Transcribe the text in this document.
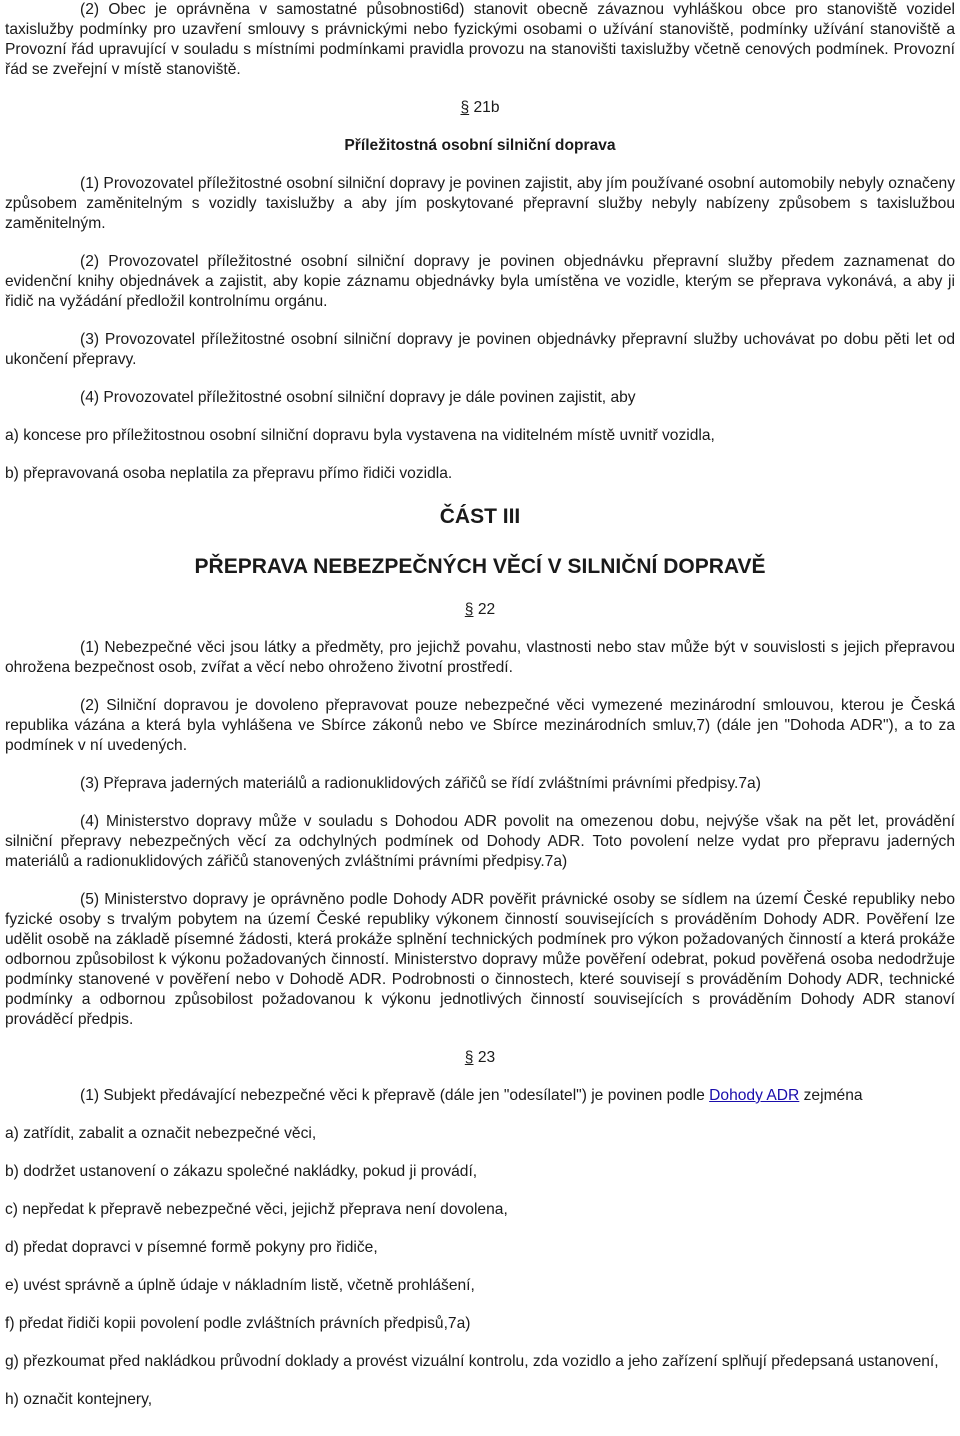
(2) Obec je oprávněna v samostatné působnosti6d) stanovit obecně závaznou vyhláškou obce pro stanoviště vozidel taxislužby podmínky pro uzavření smlouvy s právnickými nebo fyzickými osobami o užívání stanoviště, podmínky užívání stanoviště a Provozní řád upravující v souladu s místními podmínkami pravidla provozu na stanovišti taxislužby včetně cenových podmínek. Provozní řád se zveřejní v místě stanoviště.

§ 21b

Příležitostná osobní silniční doprava

(1) Provozovatel příležitostné osobní silniční dopravy je povinen zajistit, aby jím používané osobní automobily nebyly označeny způsobem zaměnitelným s vozidly taxislužby a aby jím poskytované přepravní služby nebyly nabízeny způsobem s taxislužbou zaměnitelným.

(2) Provozovatel příležitostné osobní silniční dopravy je povinen objednávku přepravní služby předem zaznamenat do evidenční knihy objednávek a zajistit, aby kopie záznamu objednávky byla umístěna ve vozidle, kterým se přeprava vykonává, a aby ji řidič na vyžádání předložil kontrolnímu orgánu.

(3) Provozovatel příležitostné osobní silniční dopravy je povinen objednávky přepravní služby uchovávat po dobu pěti let od ukončení přepravy.

(4) Provozovatel příležitostné osobní silniční dopravy je dále povinen zajistit, aby

a) koncese pro příležitostnou osobní silniční dopravu byla vystavena na viditelném místě uvnitř vozidla,

b) přepravovaná osoba neplatila za přepravu přímo řidiči vozidla.

ČÁST III

PŘEPRAVA NEBEZPEČNÝCH VĚCÍ V SILNIČNÍ DOPRAVĚ

§ 22

(1) Nebezpečné věci jsou látky a předměty, pro jejichž povahu, vlastnosti nebo stav může být v souvislosti s jejich přepravou ohrožena bezpečnost osob, zvířat a věcí nebo ohroženo životní prostředí.

(2) Silniční dopravou je dovoleno přepravovat pouze nebezpečné věci vymezené mezinárodní smlouvou, kterou je Česká republika vázána a která byla vyhlášena ve Sbírce zákonů nebo ve Sbírce mezinárodních smluv,7) (dále jen "Dohoda ADR"), a to za podmínek v ní uvedených.

(3) Přeprava jaderných materiálů a radionuklidových zářičů se řídí zvláštními právními předpisy.7a)

(4) Ministerstvo dopravy může v souladu s Dohodou ADR povolit na omezenou dobu, nejvýše však na pět let, provádění silniční přepravy nebezpečných věcí za odchylných podmínek od Dohody ADR. Toto povolení nelze vydat pro přepravu jaderných materiálů a radionuklidových zářičů stanovených zvláštními právními předpisy.7a)

(5) Ministerstvo dopravy je oprávněno podle Dohody ADR pověřit právnické osoby se sídlem na území České republiky nebo fyzické osoby s trvalým pobytem na území České republiky výkonem činností souvisejících s prováděním Dohody ADR. Pověření lze udělit osobě na základě písemné žádosti, která prokáže splnění technických podmínek pro výkon požadovaných činností a která prokáže odbornou způsobilost k výkonu požadovaných činností. Ministerstvo dopravy může pověření odebrat, pokud pověřená osoba nedodržuje podmínky stanovené v pověření nebo v Dohodě ADR. Podrobnosti o činnostech, které souvisejí s prováděním Dohody ADR, technické podmínky a odbornou způsobilost požadovanou k výkonu jednotlivých činností souvisejících s prováděním Dohody ADR stanoví prováděcí předpis.

§ 23

(1) Subjekt předávající nebezpečné věci k přepravě (dále jen "odesílatel") je povinen podle Dohody ADR zejména

a) zatřídit, zabalit a označit nebezpečné věci,

b) dodržet ustanovení o zákazu společné nakládky, pokud ji provádí,

c) nepředat k přepravě nebezpečné věci, jejichž přeprava není dovolena,

d) předat dopravci v písemné formě pokyny pro řidiče,

e) uvést správně a úplně údaje v nákladním listě, včetně prohlášení,

f) předat řidiči kopii povolení podle zvláštních právních předpisů,7a)

g) přezkoumat před nakládkou průvodní doklady a provést vizuální kontrolu, zda vozidlo a jeho zařízení splňují předepsaná ustanovení,

h) označit kontejnery,
